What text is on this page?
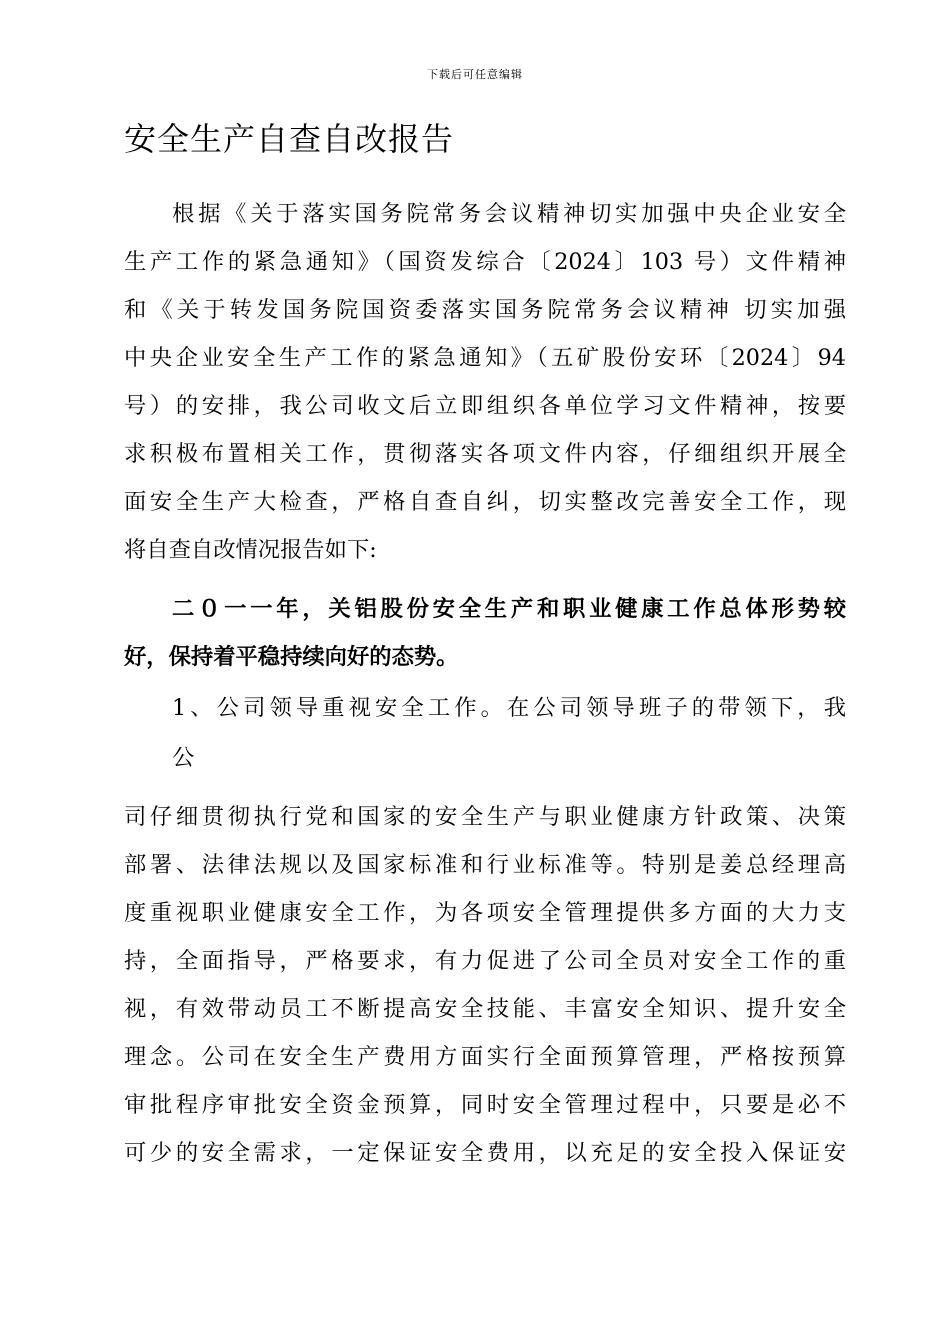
下载后可任意编辑
安全生产自查自改报告
根据《关于落实国务院常务会议精神切实加强中央企业安全
生产工作的紧急通知》（国资发综合〔2024〕103 号）文件精神
和《关于转发国务院国资委落实国务院常务会议精神 切实加强
中央企业安全生产工作的紧急通知》（五矿股份安环〔2024〕94
号）的安排，我公司收文后立即组织各单位学习文件精神，按要
求积极布置相关工作，贯彻落实各项文件内容，仔细组织开展全
面安全生产大检查，严格自查自纠，切实整改完善安全工作，现
将自查自改情况报告如下:
二０一一年，关铝股份安全生产和职业健康工作总体形势较
好，保持着平稳持续向好的态势。
1、公司领导重视安全工作。在公司领导班子的带领下，我
公
司仔细贯彻执行党和国家的安全生产与职业健康方针政策、决策
部署、法律法规以及国家标准和行业标准等。特别是姜总经理高
度重视职业健康安全工作，为各项安全管理提供多方面的大力支
持，全面指导，严格要求，有力促进了公司全员对安全工作的重
视，有效带动员工不断提高安全技能、丰富安全知识、提升安全
理念。公司在安全生产费用方面实行全面预算管理，严格按预算
审批程序审批安全资金预算，同时安全管理过程中，只要是必不
可少的安全需求，一定保证安全费用，以充足的安全投入保证安
